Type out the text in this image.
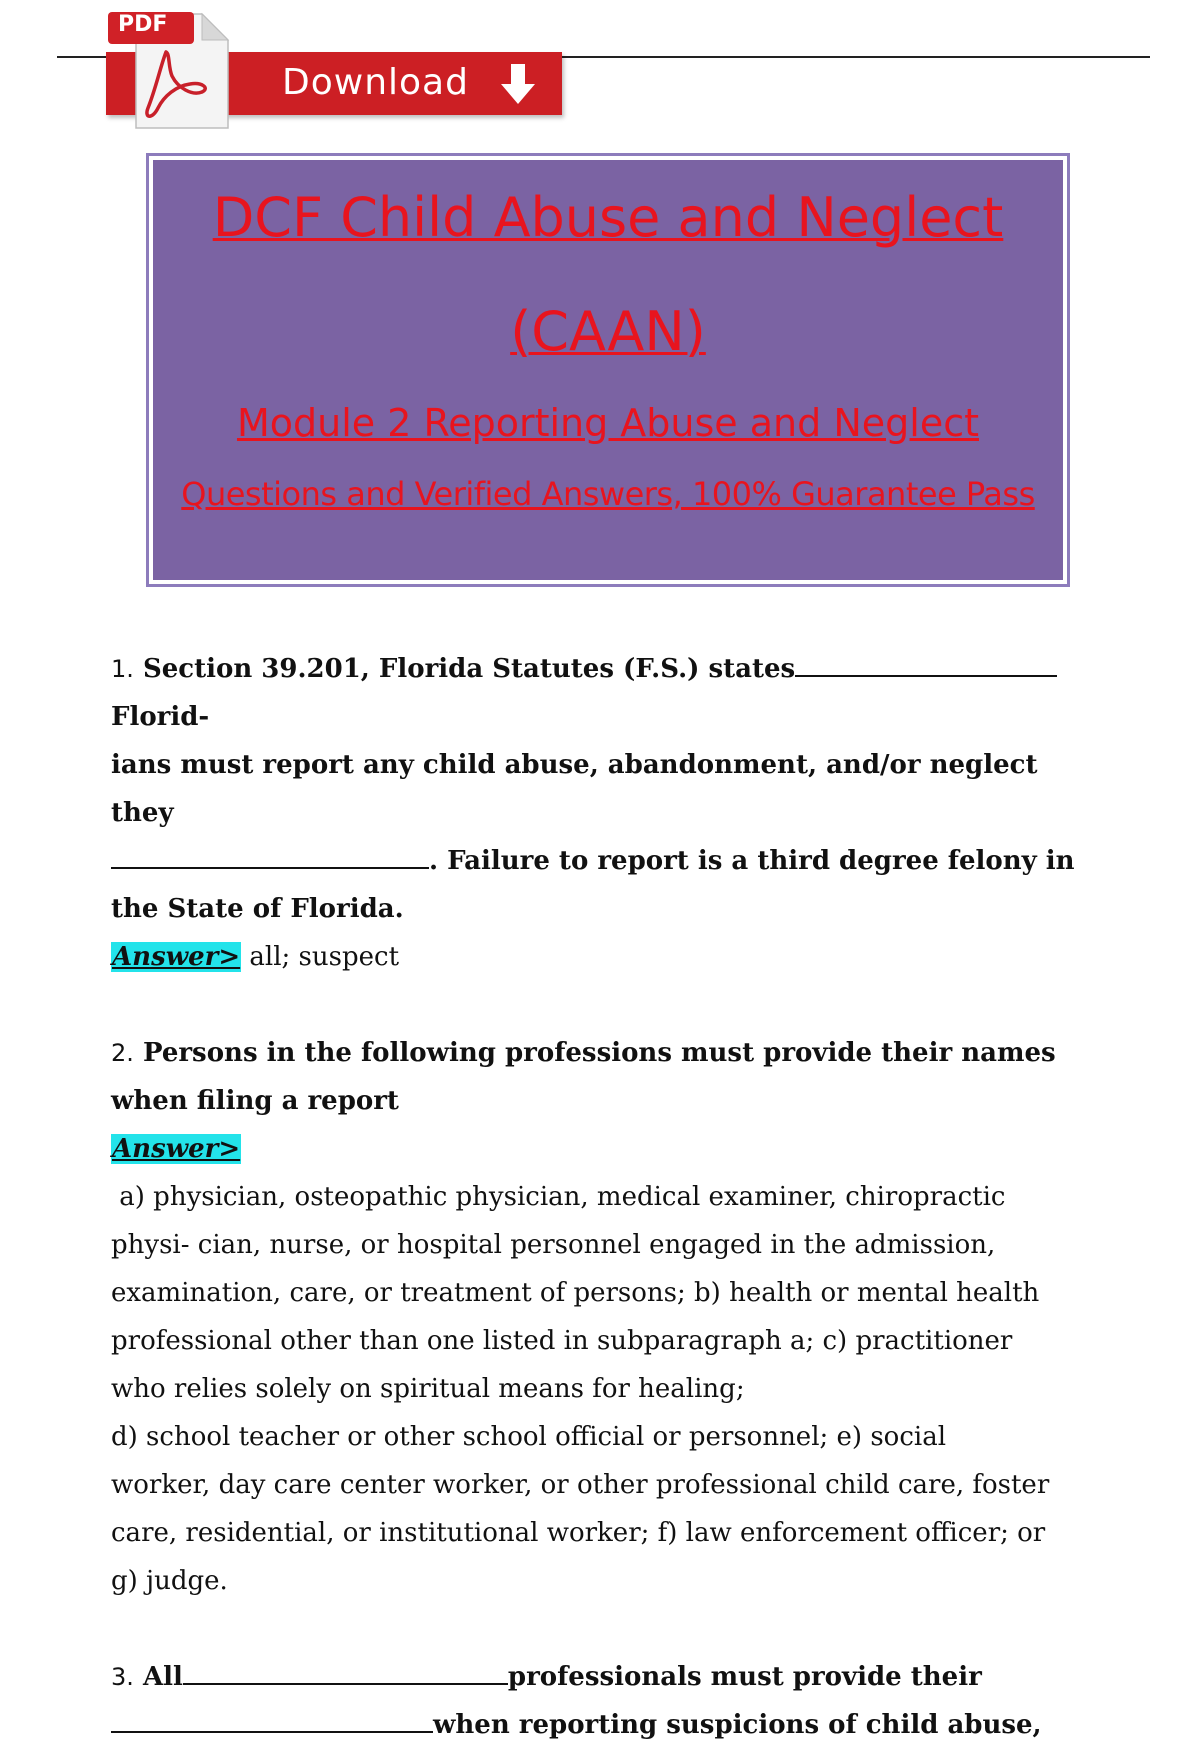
Download
PDF
DCF Child Abuse and Neglect
(CAAN)
Module 2 Reporting Abuse and Neglect
Questions and Verified Answers, 100% Guarantee Pass

1. Section 39.201, Florida Statutes (F.S.) statesFlorid-

ians must report any child abuse, abandonment, and/or neglect they

. Failure to report is a third degree felony in

the State of Florida.

Answer> all; suspect

2. Persons in the following professions must provide their names

when filing a report

Answer>

a) physician, osteopathic physician, medical examiner, chiropractic

physi- cian, nurse, or hospital personnel engaged in the admission,

examination, care, or treatment of persons; b) health or mental health

professional other than one listed in subparagraph a; c) practitioner

who relies solely on spiritual means for healing;

d) school teacher or other school official or personnel; e) social

worker, day care center worker, or other professional child care, foster

care, residential, or institutional worker; f) law enforcement officer; or

g) judge.

3. All	professionals must provide their

when reporting suspicions of child abuse,
